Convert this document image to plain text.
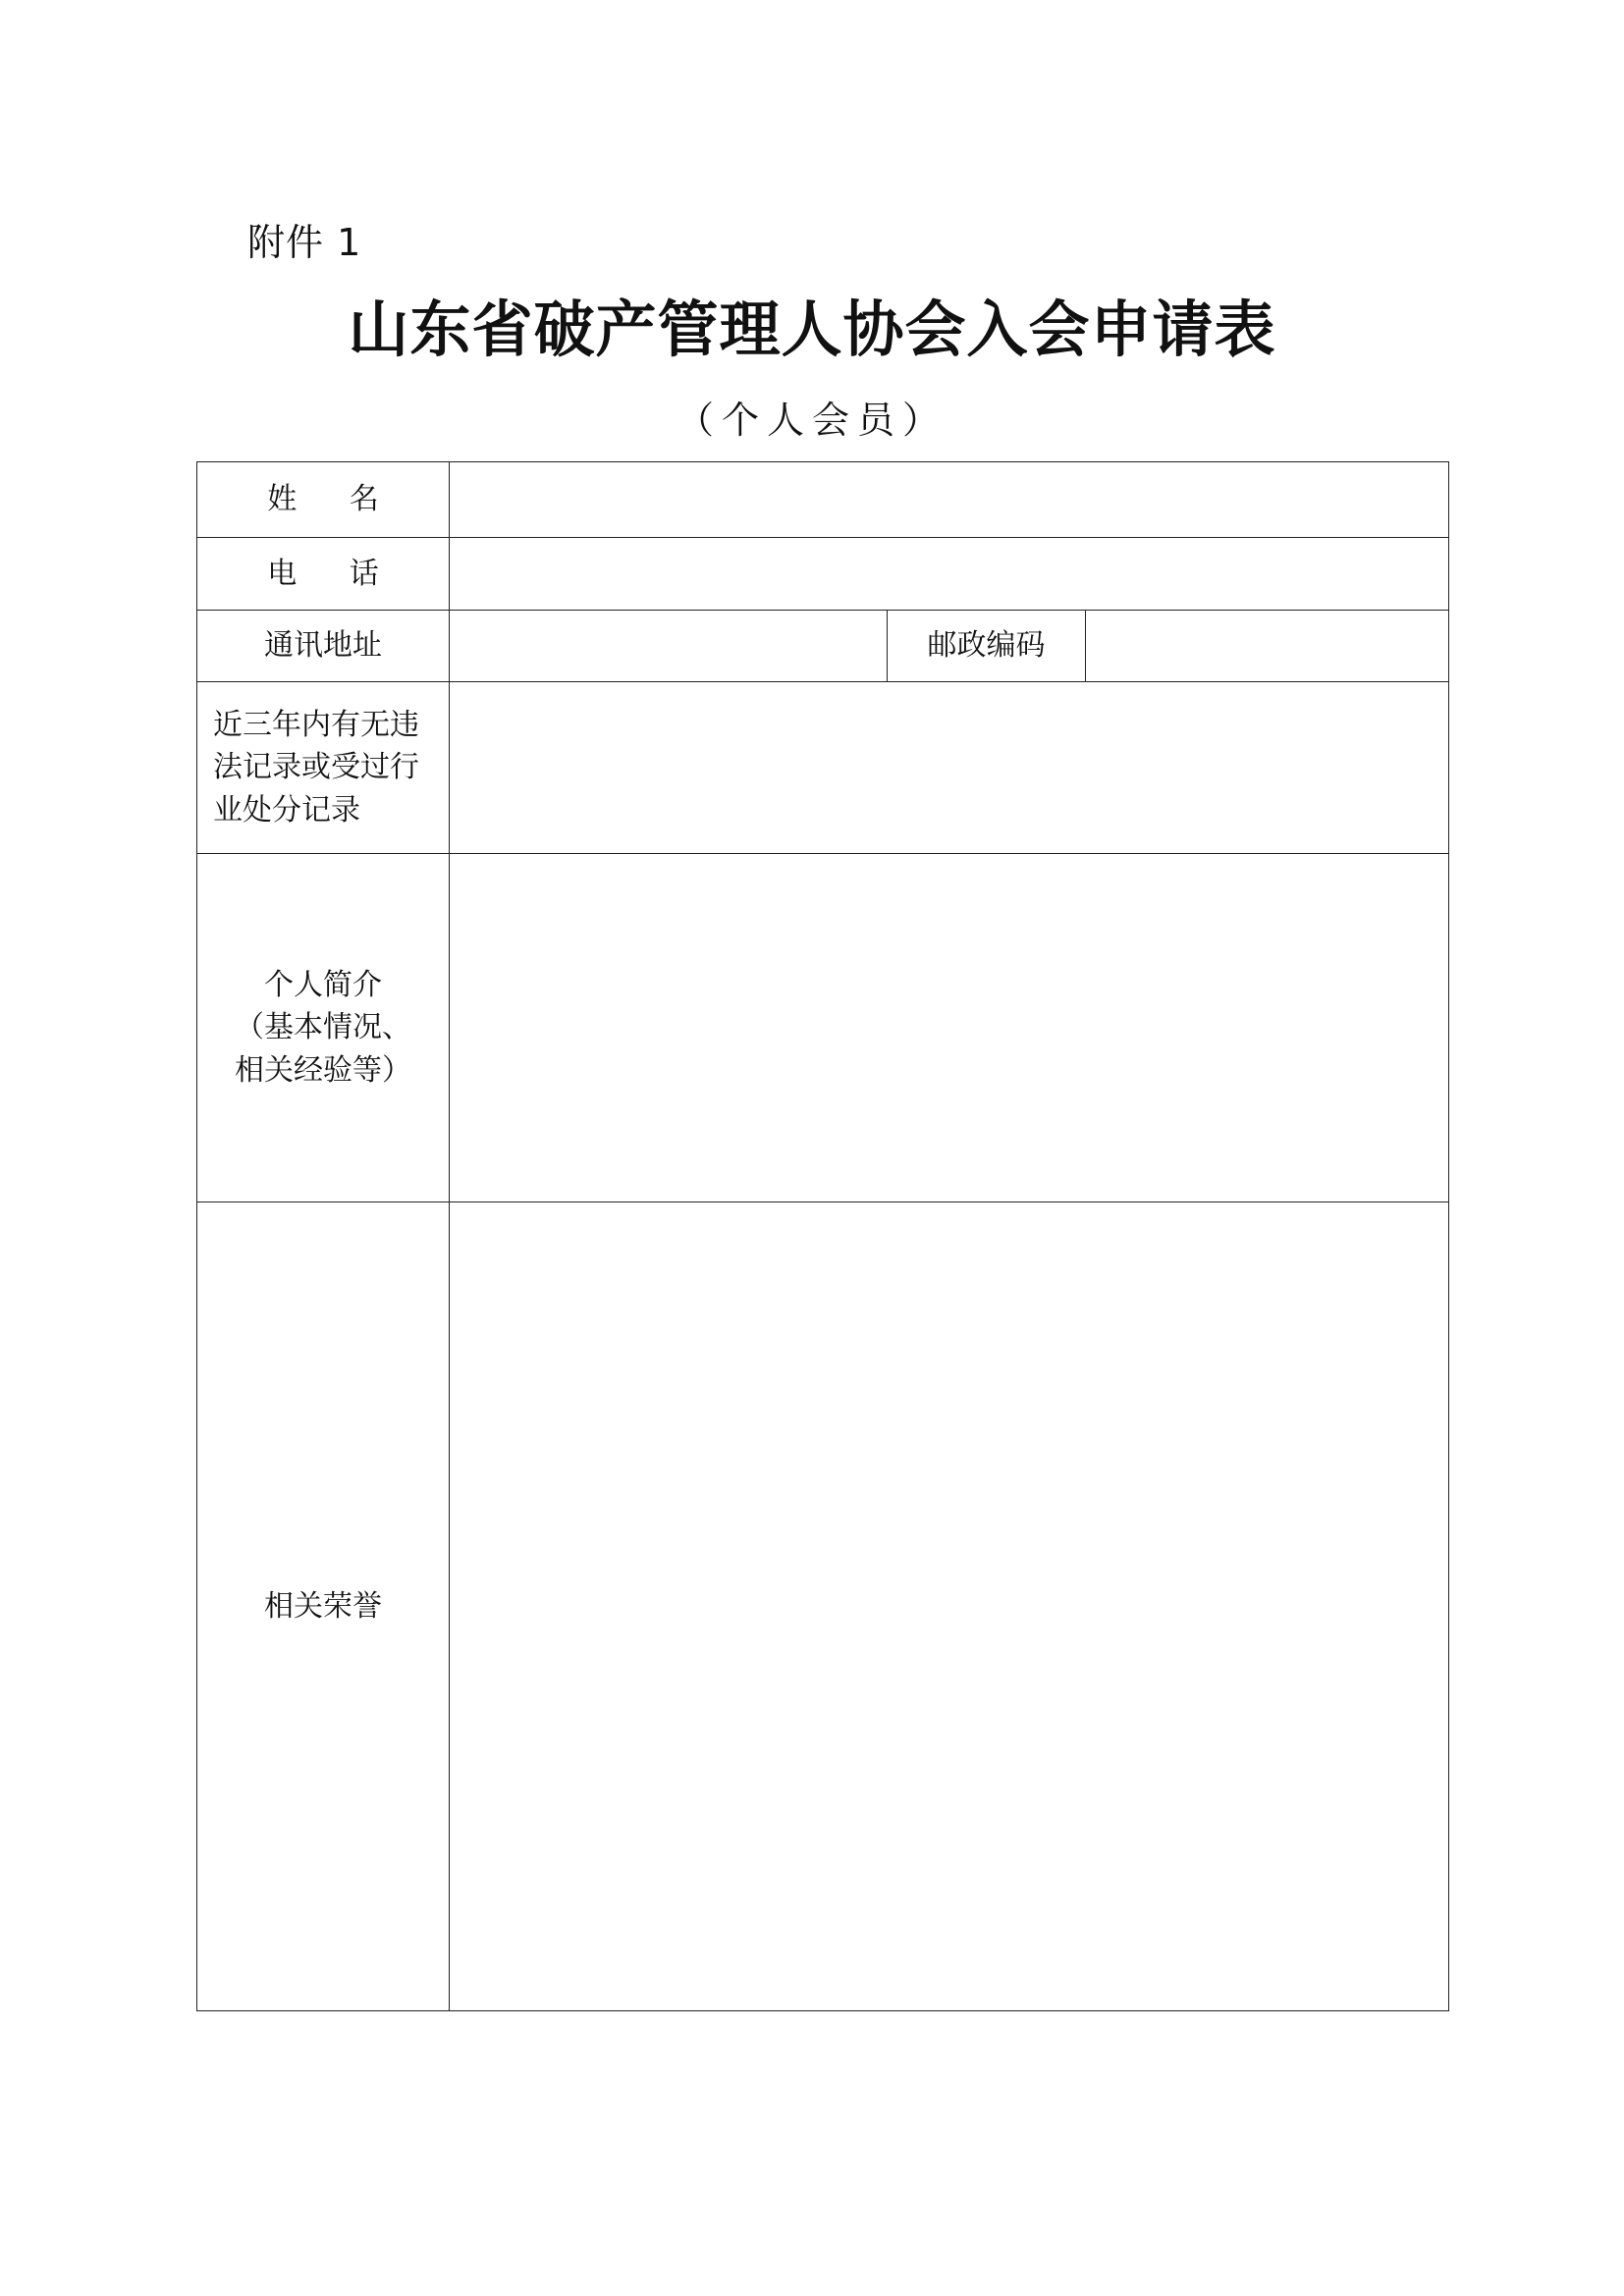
附件 1
山东省破产管理人协会入会申请表
（个人会员）
姓 名			
电 话			
通讯地址		邮政编码	

近三年内有无违
法记录或受过行
业处分记录			

个人简介
（基本情况、
相关经验等）			

相关荣誉			
